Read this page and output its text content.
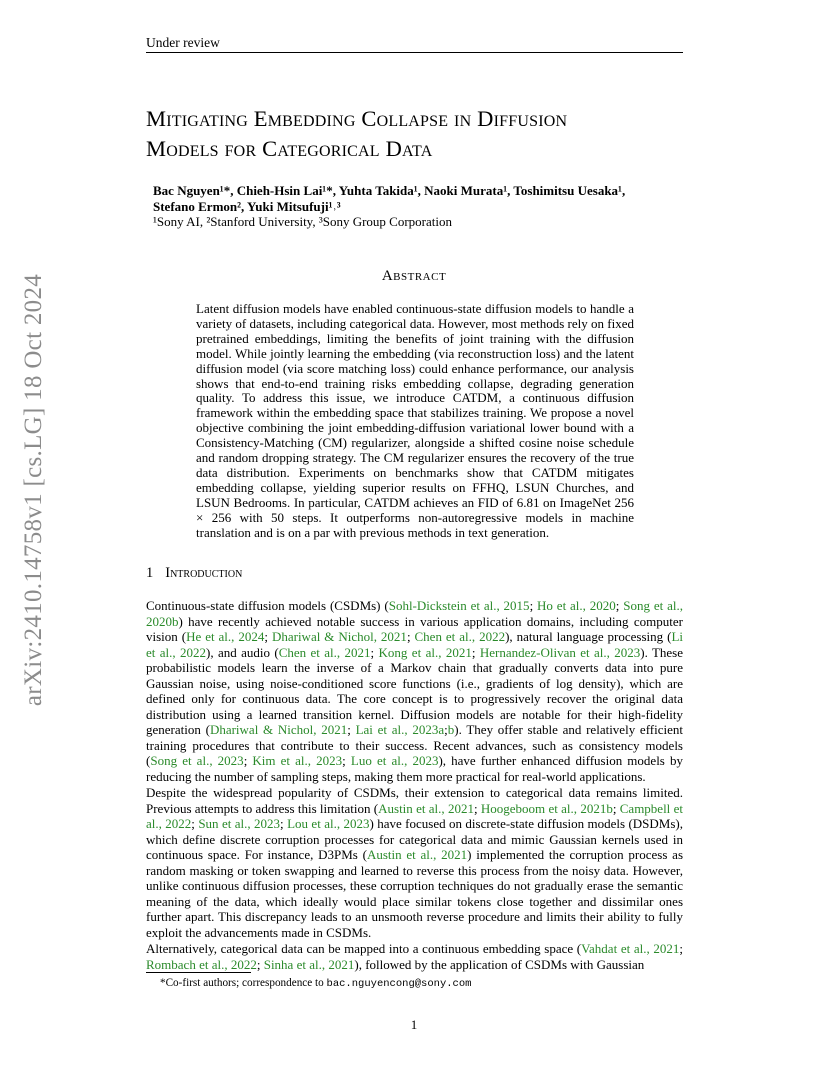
Under review
arXiv:2410.14758v1 [cs.LG] 18 Oct 2024
Mitigating Embedding Collapse in Diffusion
Models for Categorical Data
Bac Nguyen¹*, Chieh-Hsin Lai¹*, Yuhta Takida¹, Naoki Murata¹, Toshimitsu Uesaka¹,
Stefano Ermon², Yuki Mitsufuji¹˒³
¹Sony AI, ²Stanford University, ³Sony Group Corporation
Abstract
Latent diffusion models have enabled continuous-state diffusion models to handle a variety of datasets, including categorical data. However, most methods rely on fixed pretrained embeddings, limiting the benefits of joint training with the diffusion model. While jointly learning the embedding (via reconstruction loss) and the latent diffusion model (via score matching loss) could enhance performance, our analysis shows that end-to-end training risks embedding collapse, degrading generation quality. To address this issue, we introduce CATDM, a continuous diffusion framework within the embedding space that stabilizes training. We propose a novel objective combining the joint embedding-diffusion variational lower bound with a Consistency-Matching (CM) regularizer, alongside a shifted cosine noise schedule and random dropping strategy. The CM regularizer ensures the recovery of the true data distribution. Experiments on benchmarks show that CATDM mitigates embedding collapse, yielding superior results on FFHQ, LSUN Churches, and LSUN Bedrooms. In particular, CATDM achieves an FID of 6.81 on ImageNet 256 × 256 with 50 steps. It outperforms non-autoregressive models in machine translation and is on a par with previous methods in text generation.
1 Introduction
Continuous-state diffusion models (CSDMs) (Sohl-Dickstein et al., 2015; Ho et al., 2020; Song et al., 2020b) have recently achieved notable success in various application domains, including computer vision (He et al., 2024; Dhariwal & Nichol, 2021; Chen et al., 2022), natural language processing (Li et al., 2022), and audio (Chen et al., 2021; Kong et al., 2021; Hernandez-Olivan et al., 2023). These probabilistic models learn the inverse of a Markov chain that gradually converts data into pure Gaussian noise, using noise-conditioned score functions (i.e., gradients of log density), which are defined only for continuous data. The core concept is to progressively recover the original data distribution using a learned transition kernel. Diffusion models are notable for their high-fidelity generation (Dhariwal & Nichol, 2021; Lai et al., 2023a;b). They offer stable and relatively efficient training procedures that contribute to their success. Recent advances, such as consistency models (Song et al., 2023; Kim et al., 2023; Luo et al., 2023), have further enhanced diffusion models by reducing the number of sampling steps, making them more practical for real-world applications.
Despite the widespread popularity of CSDMs, their extension to categorical data remains limited. Previous attempts to address this limitation (Austin et al., 2021; Hoogeboom et al., 2021b; Campbell et al., 2022; Sun et al., 2023; Lou et al., 2023) have focused on discrete-state diffusion models (DSDMs), which define discrete corruption processes for categorical data and mimic Gaussian kernels used in continuous space. For instance, D3PMs (Austin et al., 2021) implemented the corruption process as random masking or token swapping and learned to reverse this process from the noisy data. However, unlike continuous diffusion processes, these corruption techniques do not gradually erase the semantic meaning of the data, which ideally would place similar tokens close together and dissimilar ones further apart. This discrepancy leads to an unsmooth reverse procedure and limits their ability to fully exploit the advancements made in CSDMs.
Alternatively, categorical data can be mapped into a continuous embedding space (Vahdat et al., 2021; Rombach et al., 2022; Sinha et al., 2021), followed by the application of CSDMs with Gaussian
*Co-first authors; correspondence to bac.nguyencong@sony.com
1
